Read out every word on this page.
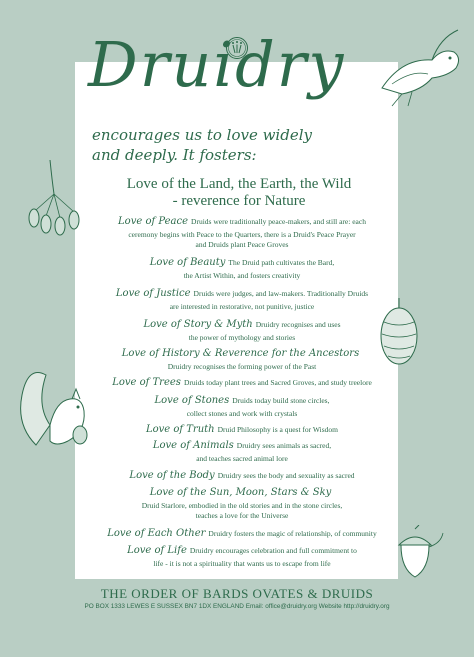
Druidry
encourages us to love widely
and deeply. It fosters:
Love of the Land, the Earth, the Wild
- reverence for Nature
Love of Peace Druids were traditionally peace-makers, and still are: each
ceremony begins with Peace to the Quarters, there is a Druid's Peace Prayer
and Druids plant Peace Groves
Love of Beauty The Druid path cultivates the Bard,
the Artist Within, and fosters creativity
Love of Justice Druids were judges, and law-makers. Traditionally Druids
are interested in restorative, not punitive, justice
Love of Story & Myth Druidry recognises and uses
the power of mythology and stories
Love of History & Reverence for the Ancestors
Druidry recognises the forming power of the Past
Love of Trees Druids today plant trees and Sacred Groves, and study treelore
Love of Stones Druids today build stone circles,
collect stones and work with crystals
Love of Truth Druid Philosophy is a quest for Wisdom
Love of Animals Druidry sees animals as sacred,
and teaches sacred animal lore
Love of the Body Druidry sees the body and sexuality as sacred
Love of the Sun, Moon, Stars & Sky
Druid Starlore, embodied in the old stories and in the stone circles,
teaches a love for the Universe
Love of Each Other Druidry fosters the magic of relationship, of community
Love of Life Druidry encourages celebration and full commitment to
life - it is not a spirituality that wants us to escape from life
THE ORDER OF BARDS OVATES & DRUIDS
PO BOX 1333 LEWES E SUSSEX BN7 1DX ENGLAND Email: office@druidry.org Website http://druidry.org
